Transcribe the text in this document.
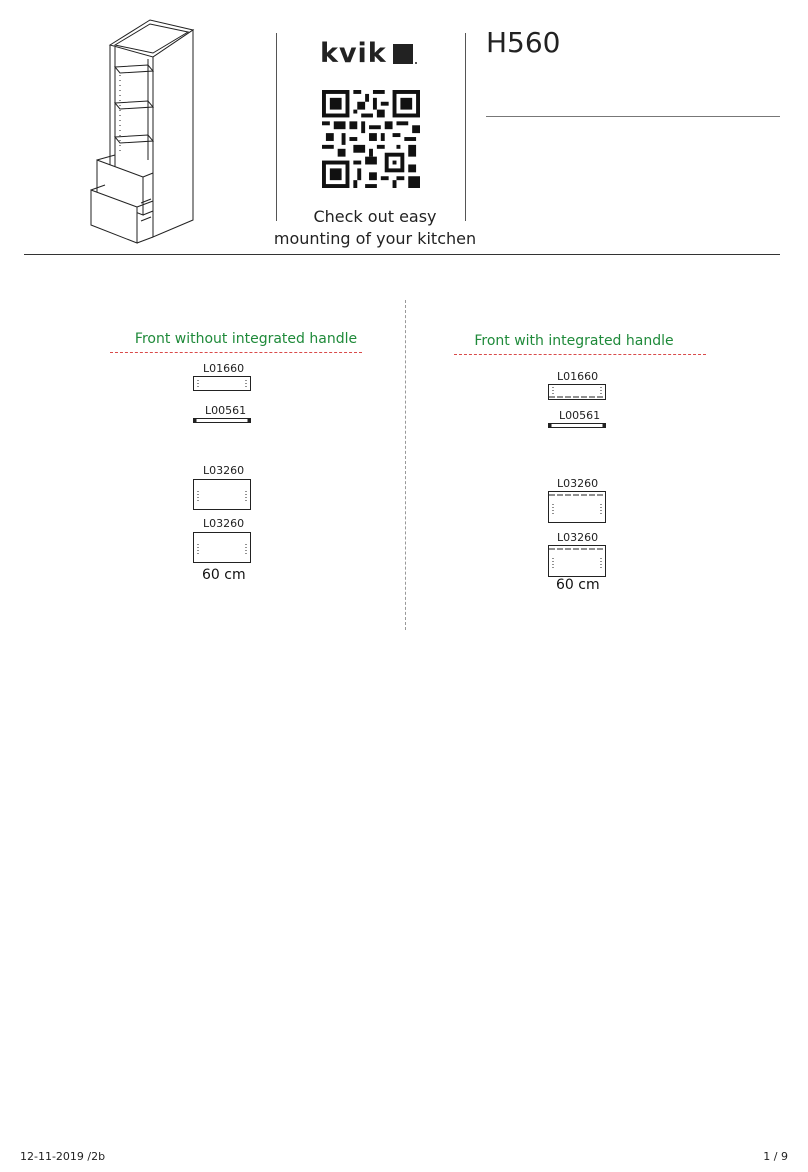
kvik
Check out easy
mounting of your kitchen
H560
Front without integrated handle
L01660
L00561
L03260
L03260
60 cm
Front with integrated handle
L01660
L00561
L03260
L03260
60 cm
12-11-2019 /2b	1 / 9
